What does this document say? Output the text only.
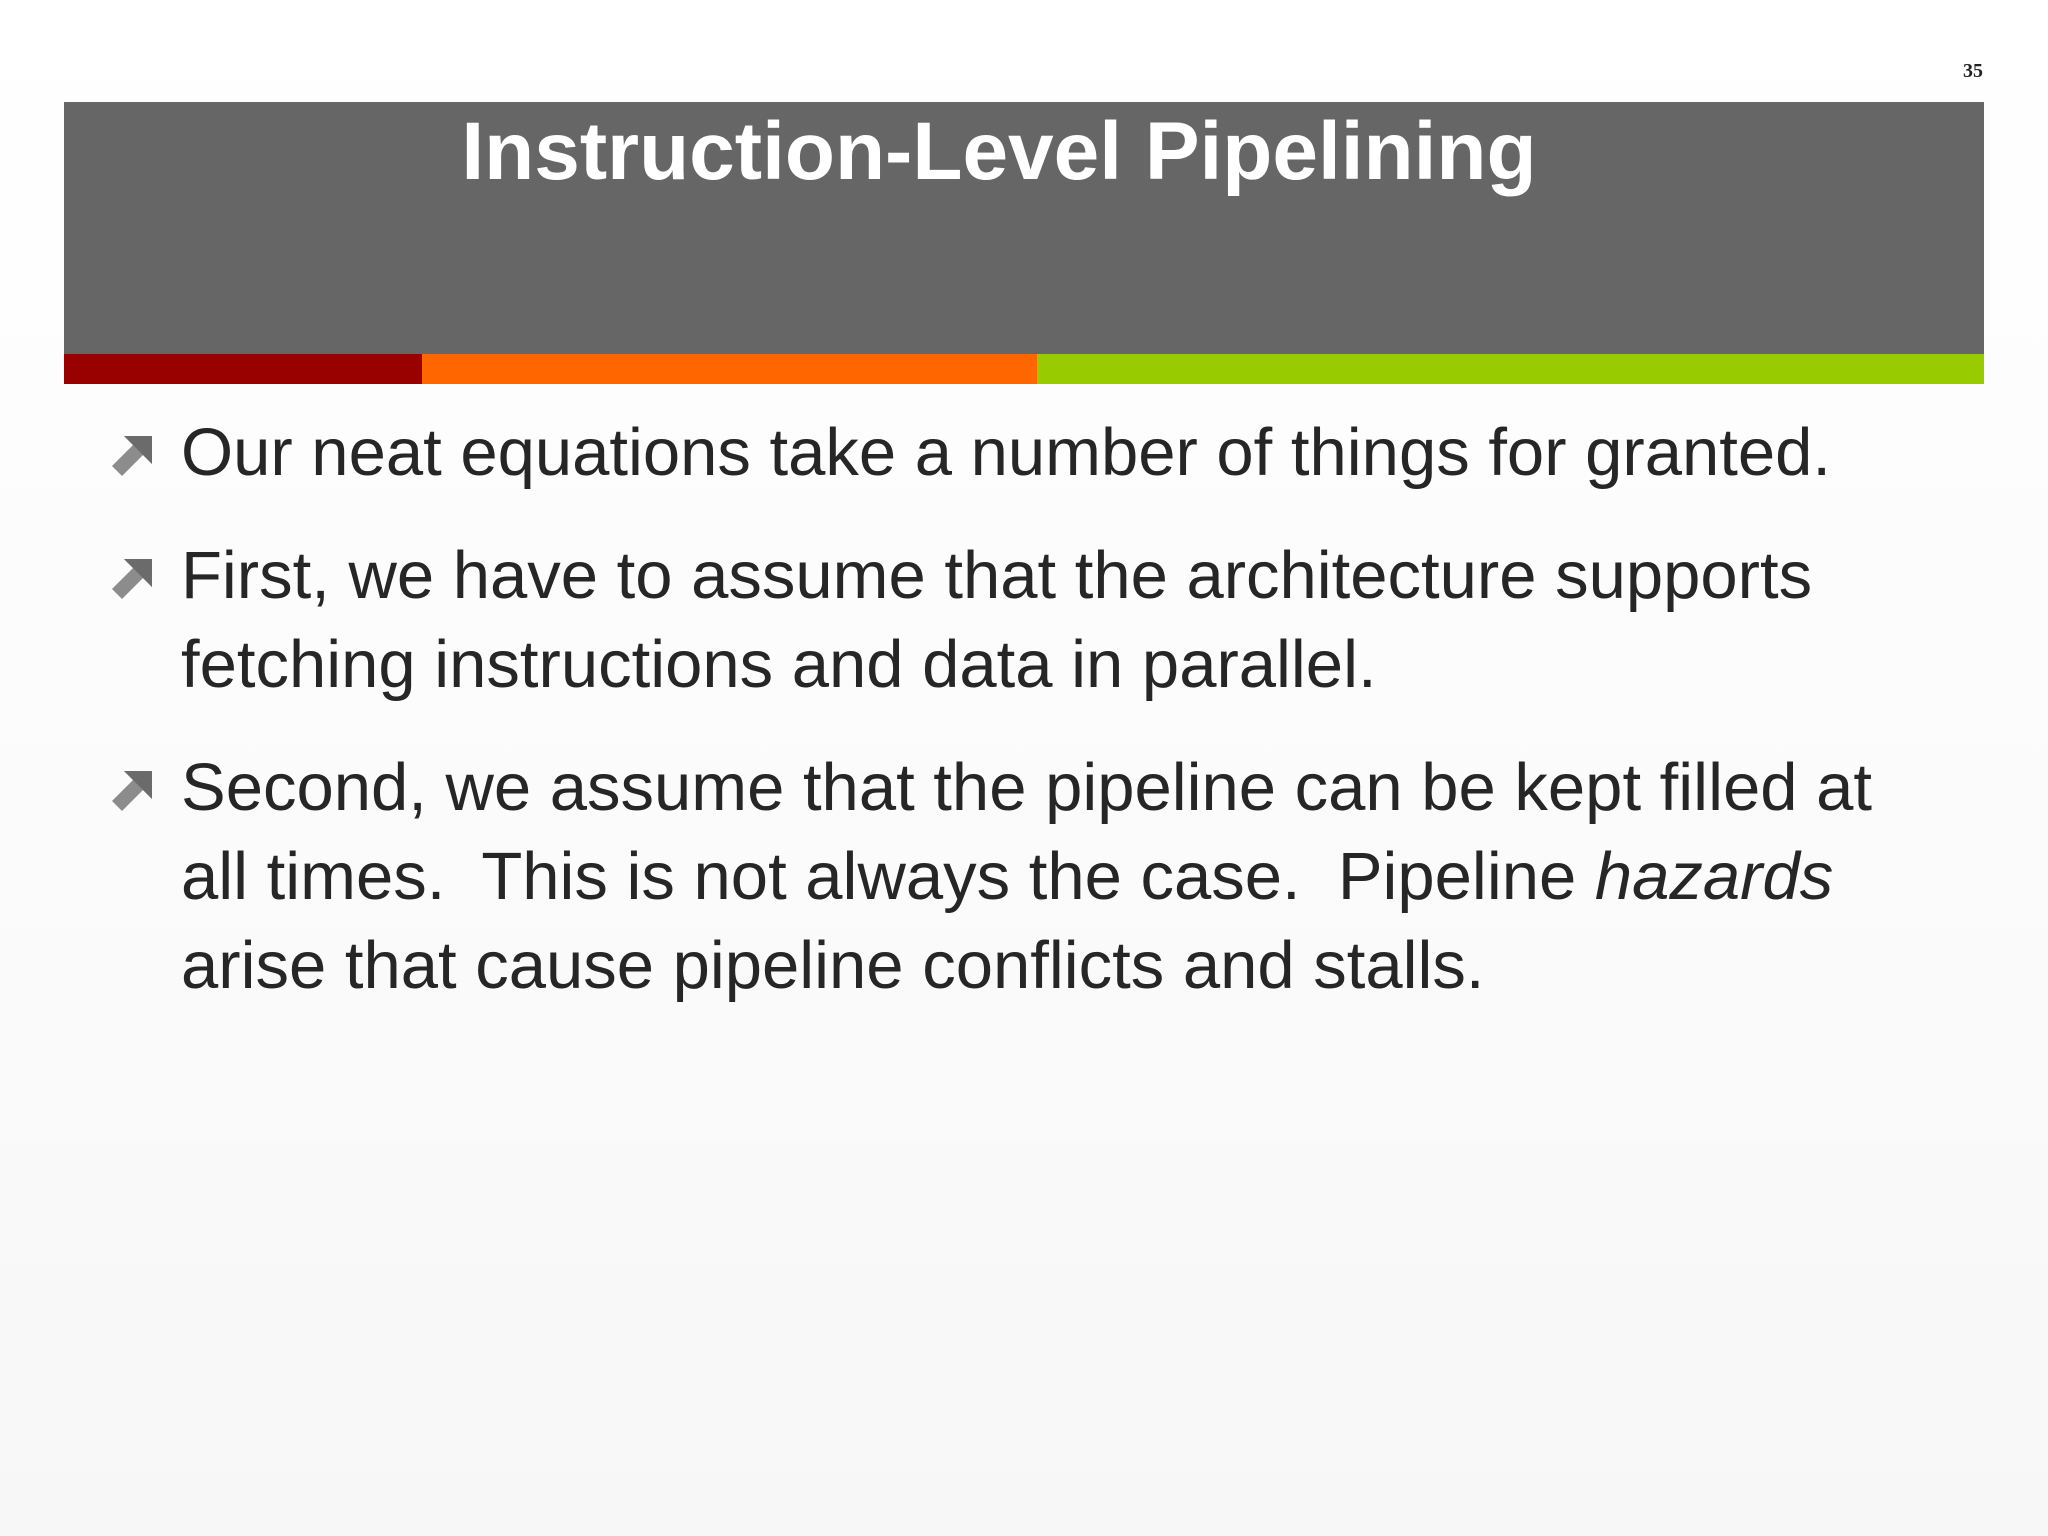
35
Instruction-Level Pipelining
Our neat equations take a number of things for granted.
First, we have to assume that the architecture supports fetching instructions and data in parallel.
Second, we assume that the pipeline can be kept filled at all times.  This is not always the case.  Pipeline hazards arise that cause pipeline conflicts and stalls.
